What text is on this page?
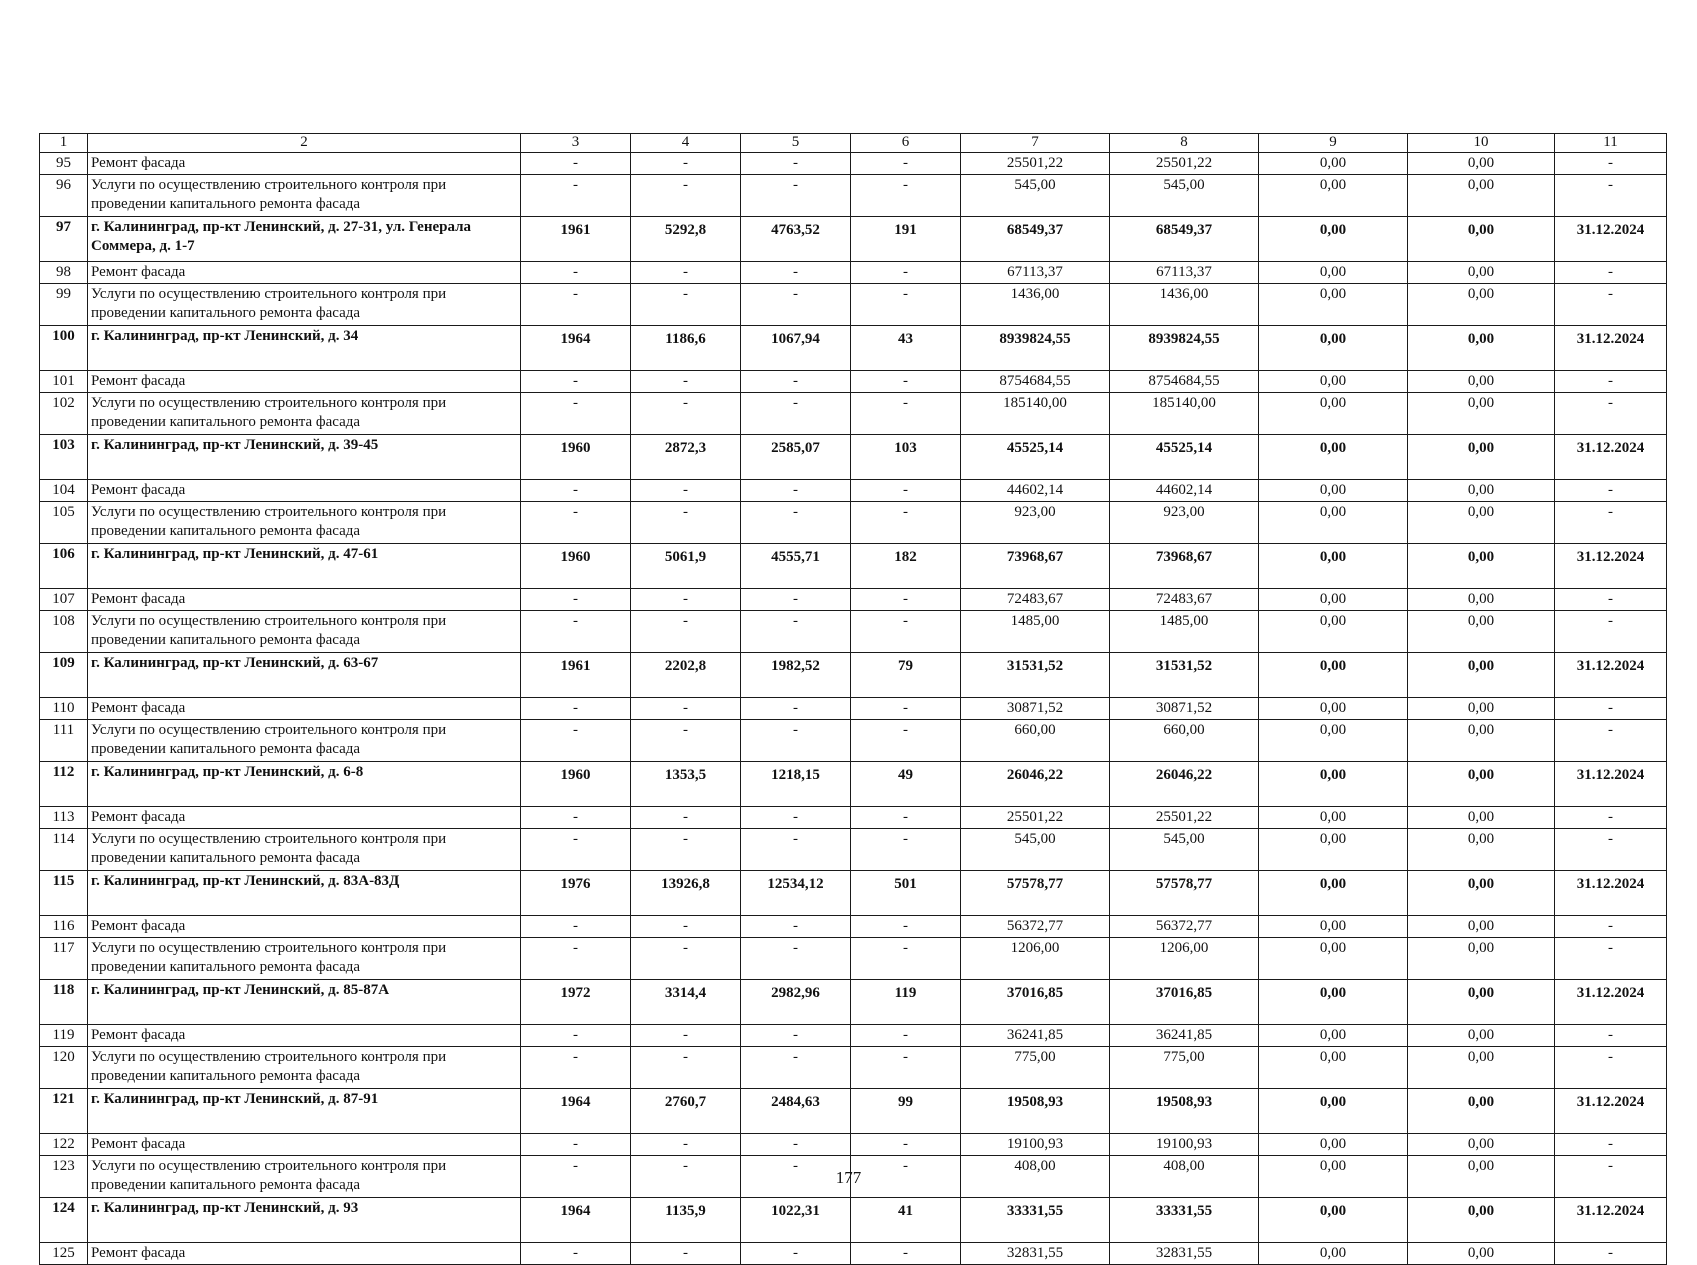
1	2	3	4	5	6	7	8	9	10	11
95	Ремонт фасада	-	-	-	-	25501,22	25501,22	0,00	0,00	-
96	Услуги по осуществлению строительного контроля при проведении капитального ремонта фасада	-	-	-	-	545,00	545,00	0,00	0,00	-
97	г. Калининград, пр-кт Ленинский, д. 27-31, ул. Генерала Соммера, д. 1-7	1961	5292,8	4763,52	191	68549,37	68549,37	0,00	0,00	31.12.2024
98	Ремонт фасада	-	-	-	-	67113,37	67113,37	0,00	0,00	-
99	Услуги по осуществлению строительного контроля при проведении капитального ремонта фасада	-	-	-	-	1436,00	1436,00	0,00	0,00	-
100	г. Калининград, пр-кт Ленинский, д. 34	1964	1186,6	1067,94	43	8939824,55	8939824,55	0,00	0,00	31.12.2024
101	Ремонт фасада	-	-	-	-	8754684,55	8754684,55	0,00	0,00	-
102	Услуги по осуществлению строительного контроля при проведении капитального ремонта фасада	-	-	-	-	185140,00	185140,00	0,00	0,00	-
103	г. Калининград, пр-кт Ленинский, д. 39-45	1960	2872,3	2585,07	103	45525,14	45525,14	0,00	0,00	31.12.2024
104	Ремонт фасада	-	-	-	-	44602,14	44602,14	0,00	0,00	-
105	Услуги по осуществлению строительного контроля при проведении капитального ремонта фасада	-	-	-	-	923,00	923,00	0,00	0,00	-
106	г. Калининград, пр-кт Ленинский, д. 47-61	1960	5061,9	4555,71	182	73968,67	73968,67	0,00	0,00	31.12.2024
107	Ремонт фасада	-	-	-	-	72483,67	72483,67	0,00	0,00	-
108	Услуги по осуществлению строительного контроля при проведении капитального ремонта фасада	-	-	-	-	1485,00	1485,00	0,00	0,00	-
109	г. Калининград, пр-кт Ленинский, д. 63-67	1961	2202,8	1982,52	79	31531,52	31531,52	0,00	0,00	31.12.2024
110	Ремонт фасада	-	-	-	-	30871,52	30871,52	0,00	0,00	-
111	Услуги по осуществлению строительного контроля при проведении капитального ремонта фасада	-	-	-	-	660,00	660,00	0,00	0,00	-
112	г. Калининград, пр-кт Ленинский, д. 6-8	1960	1353,5	1218,15	49	26046,22	26046,22	0,00	0,00	31.12.2024
113	Ремонт фасада	-	-	-	-	25501,22	25501,22	0,00	0,00	-
114	Услуги по осуществлению строительного контроля при проведении капитального ремонта фасада	-	-	-	-	545,00	545,00	0,00	0,00	-
115	г. Калининград, пр-кт Ленинский, д. 83А-83Д	1976	13926,8	12534,12	501	57578,77	57578,77	0,00	0,00	31.12.2024
116	Ремонт фасада	-	-	-	-	56372,77	56372,77	0,00	0,00	-
117	Услуги по осуществлению строительного контроля при проведении капитального ремонта фасада	-	-	-	-	1206,00	1206,00	0,00	0,00	-
118	г. Калининград, пр-кт Ленинский, д. 85-87А	1972	3314,4	2982,96	119	37016,85	37016,85	0,00	0,00	31.12.2024
119	Ремонт фасада	-	-	-	-	36241,85	36241,85	0,00	0,00	-
120	Услуги по осуществлению строительного контроля при проведении капитального ремонта фасада	-	-	-	-	775,00	775,00	0,00	0,00	-
121	г. Калининград, пр-кт Ленинский, д. 87-91	1964	2760,7	2484,63	99	19508,93	19508,93	0,00	0,00	31.12.2024
122	Ремонт фасада	-	-	-	-	19100,93	19100,93	0,00	0,00	-
123	Услуги по осуществлению строительного контроля при проведении капитального ремонта фасада	-	-	-	-	408,00	408,00	0,00	0,00	-
124	г. Калининград, пр-кт Ленинский, д. 93	1964	1135,9	1022,31	41	33331,55	33331,55	0,00	0,00	31.12.2024
125	Ремонт фасада	-	-	-	-	32831,55	32831,55	0,00	0,00	-
177
